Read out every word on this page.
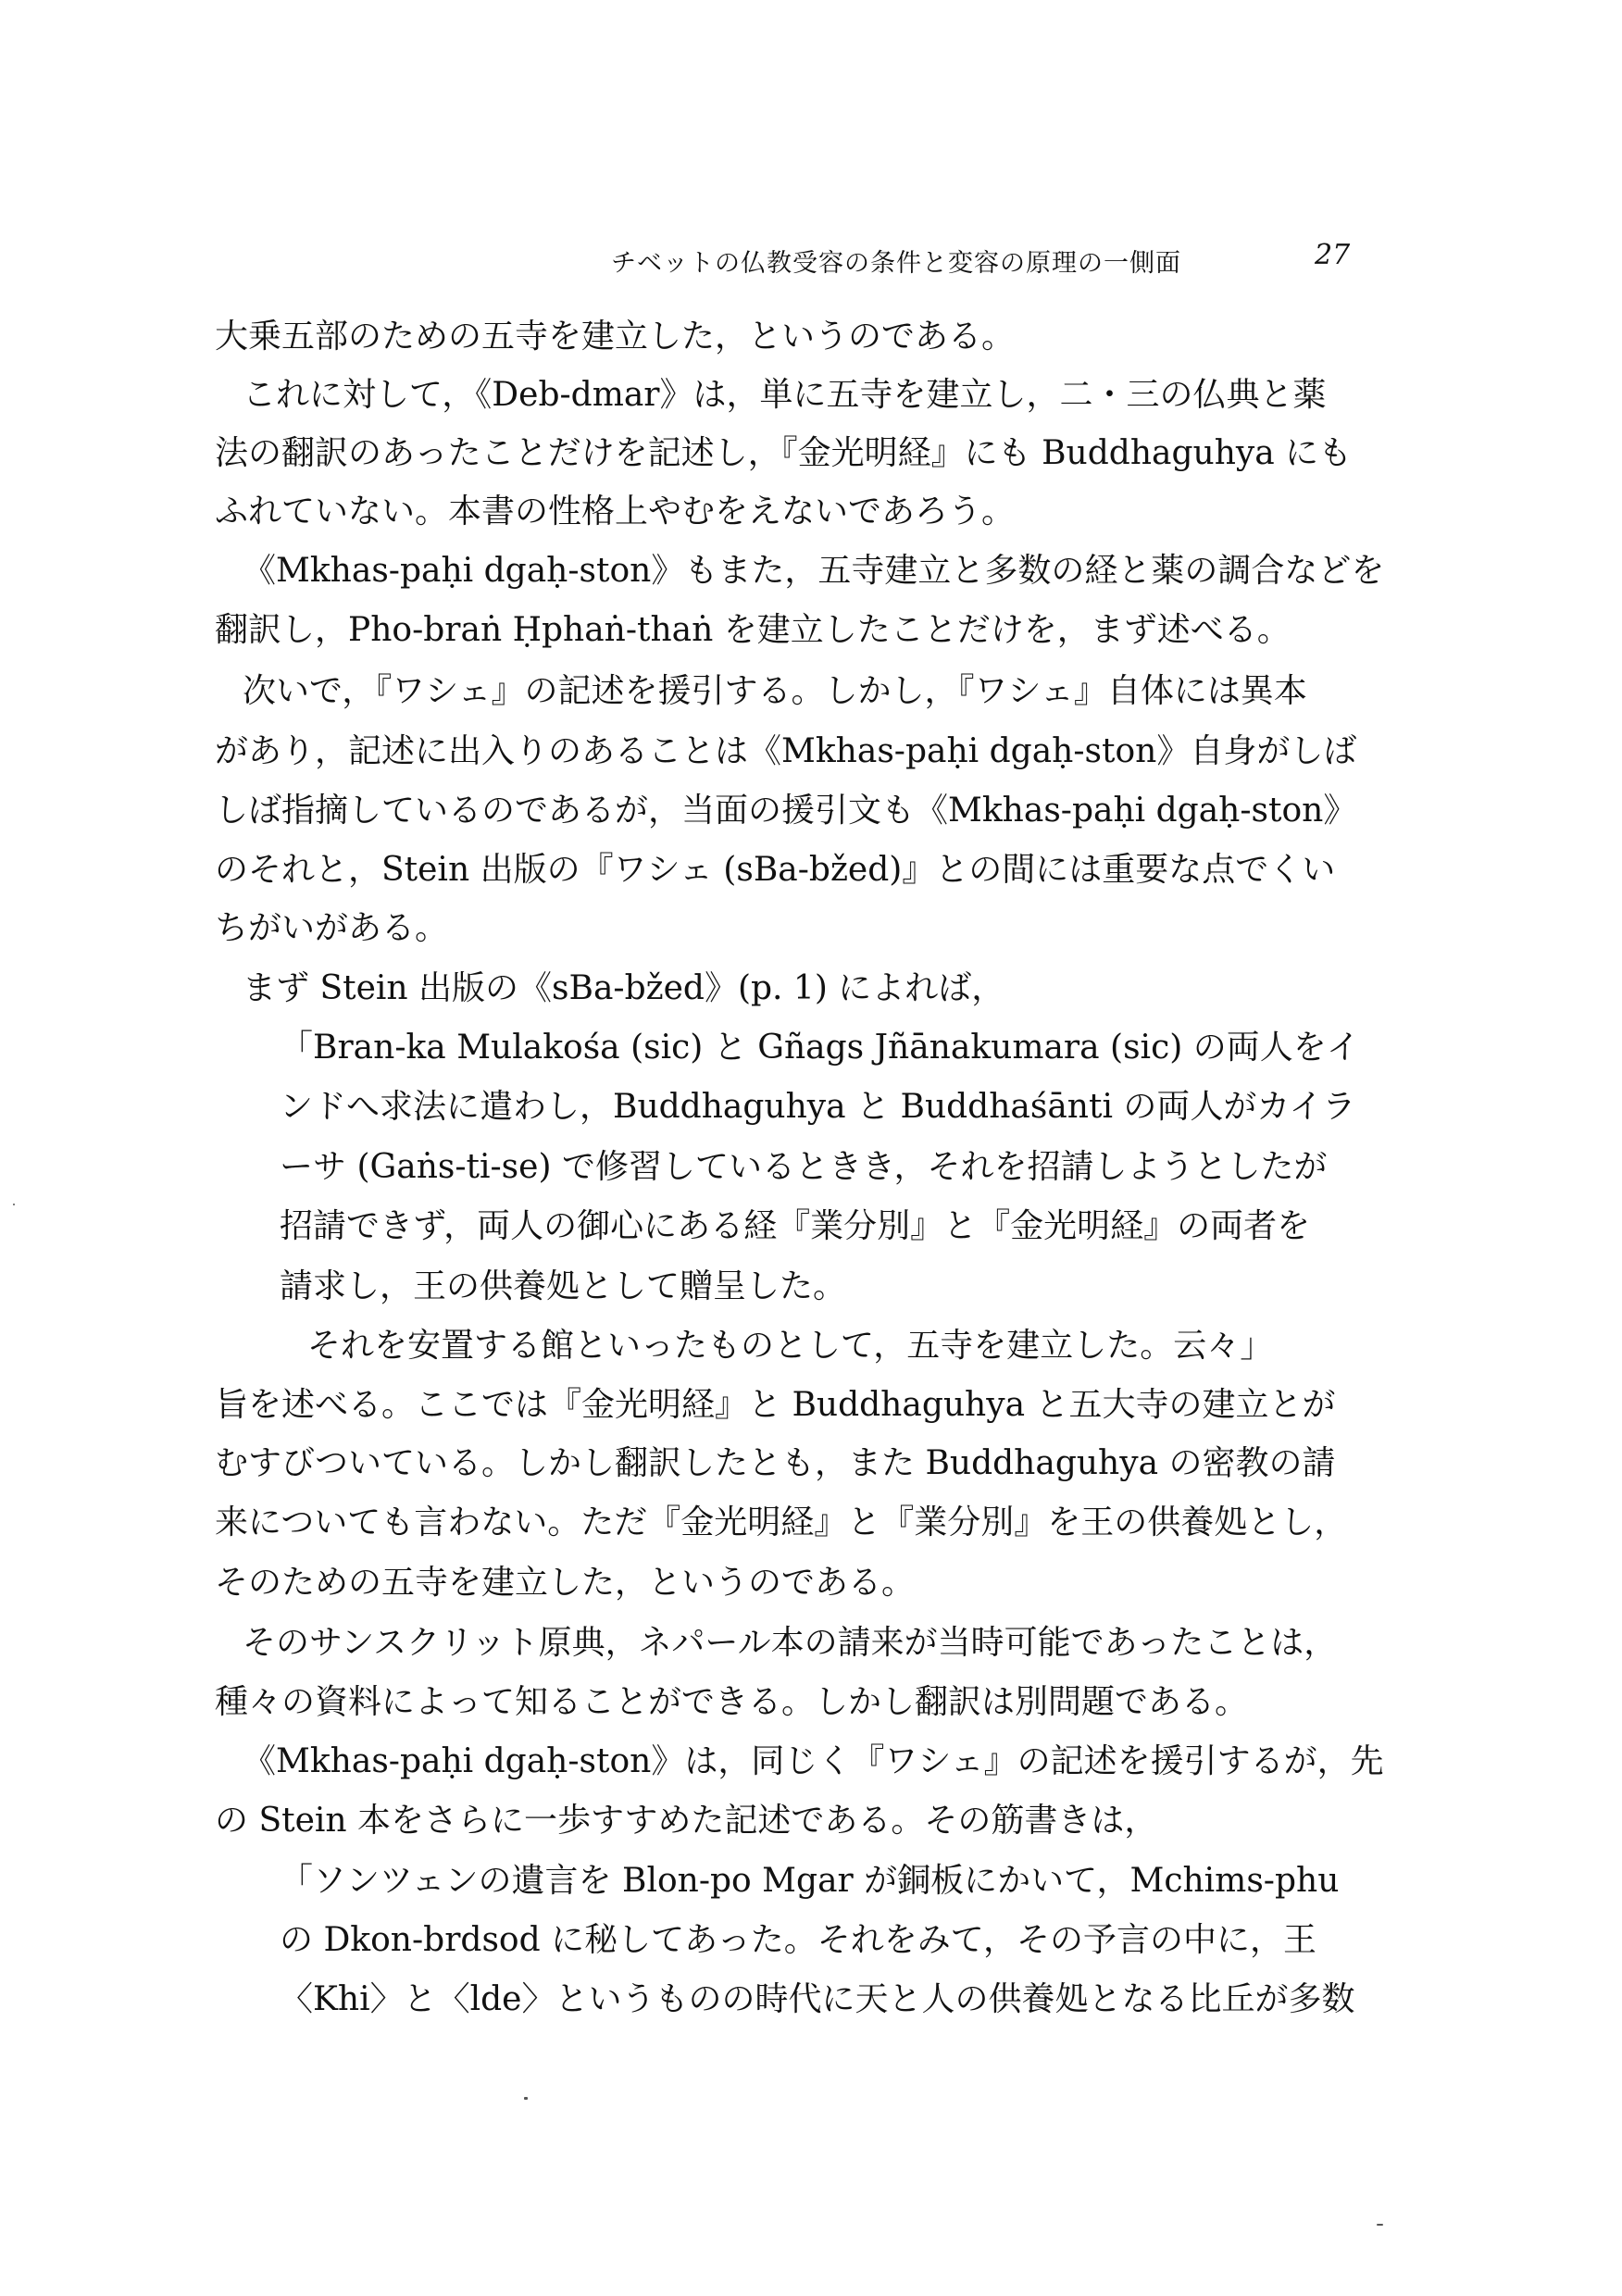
チベットの仏教受容の条件と変容の原理の一側面	27
大乗五部のための五寺を建立した，というのである。
これに対して，《Deb-dmar》は，単に五寺を建立し，二・三の仏典と薬
法の翻訳のあったことだけを記述し，『金光明経』にも Buddhaguhya にも
ふれていない。本書の性格上やむをえないであろう。
《Mkhas-paḥi dgaḥ-ston》もまた，五寺建立と多数の経と薬の調合などを
翻訳し，Pho-braṅ Ḥphaṅ-thaṅ を建立したことだけを，まず述べる。
次いで，『ワシェ』の記述を援引する。しかし，『ワシェ』自体には異本
があり，記述に出入りのあることは《Mkhas-paḥi dgaḥ-ston》自身がしば
しば指摘しているのであるが，当面の援引文も《Mkhas-paḥi dgaḥ-ston》
のそれと，Stein 出版の『ワシェ (sBa-bžed)』との間には重要な点でくい
ちがいがある。
まず Stein 出版の《sBa-bžed》(p. 1) によれば，
「Bran-ka Mulakośa (sic) と Gñags Jñānakumara (sic) の両人をイ
ンドへ求法に遣わし，Buddhaguhya と Buddhaśānti の両人がカイラ
ーサ (Gaṅs-ti-se) で修習しているときき，それを招請しようとしたが
招請できず，両人の御心にある経『業分別』と『金光明経』の両者を
請求し，王の供養処として贈呈した。
それを安置する館といったものとして，五寺を建立した。云々」
旨を述べる。ここでは『金光明経』と Buddhaguhya と五大寺の建立とが
むすびついている。しかし翻訳したとも，また Buddhaguhya の密教の請
来についても言わない。ただ『金光明経』と『業分別』を王の供養処とし，
そのための五寺を建立した，というのである。
そのサンスクリット原典，ネパール本の請来が当時可能であったことは，
種々の資料によって知ることができる。しかし翻訳は別問題である。
《Mkhas-paḥi dgaḥ-ston》は，同じく『ワシェ』の記述を援引するが，先
の Stein 本をさらに一歩すすめた記述である。その筋書きは，
「ソンツェンの遺言を Blon-po Mgar が銅板にかいて，Mchims-phu
の Dkon-brdsod に秘してあった。それをみて，その予言の中に，王
〈Khi〉と〈lde〉というものの時代に天と人の供養処となる比丘が多数
